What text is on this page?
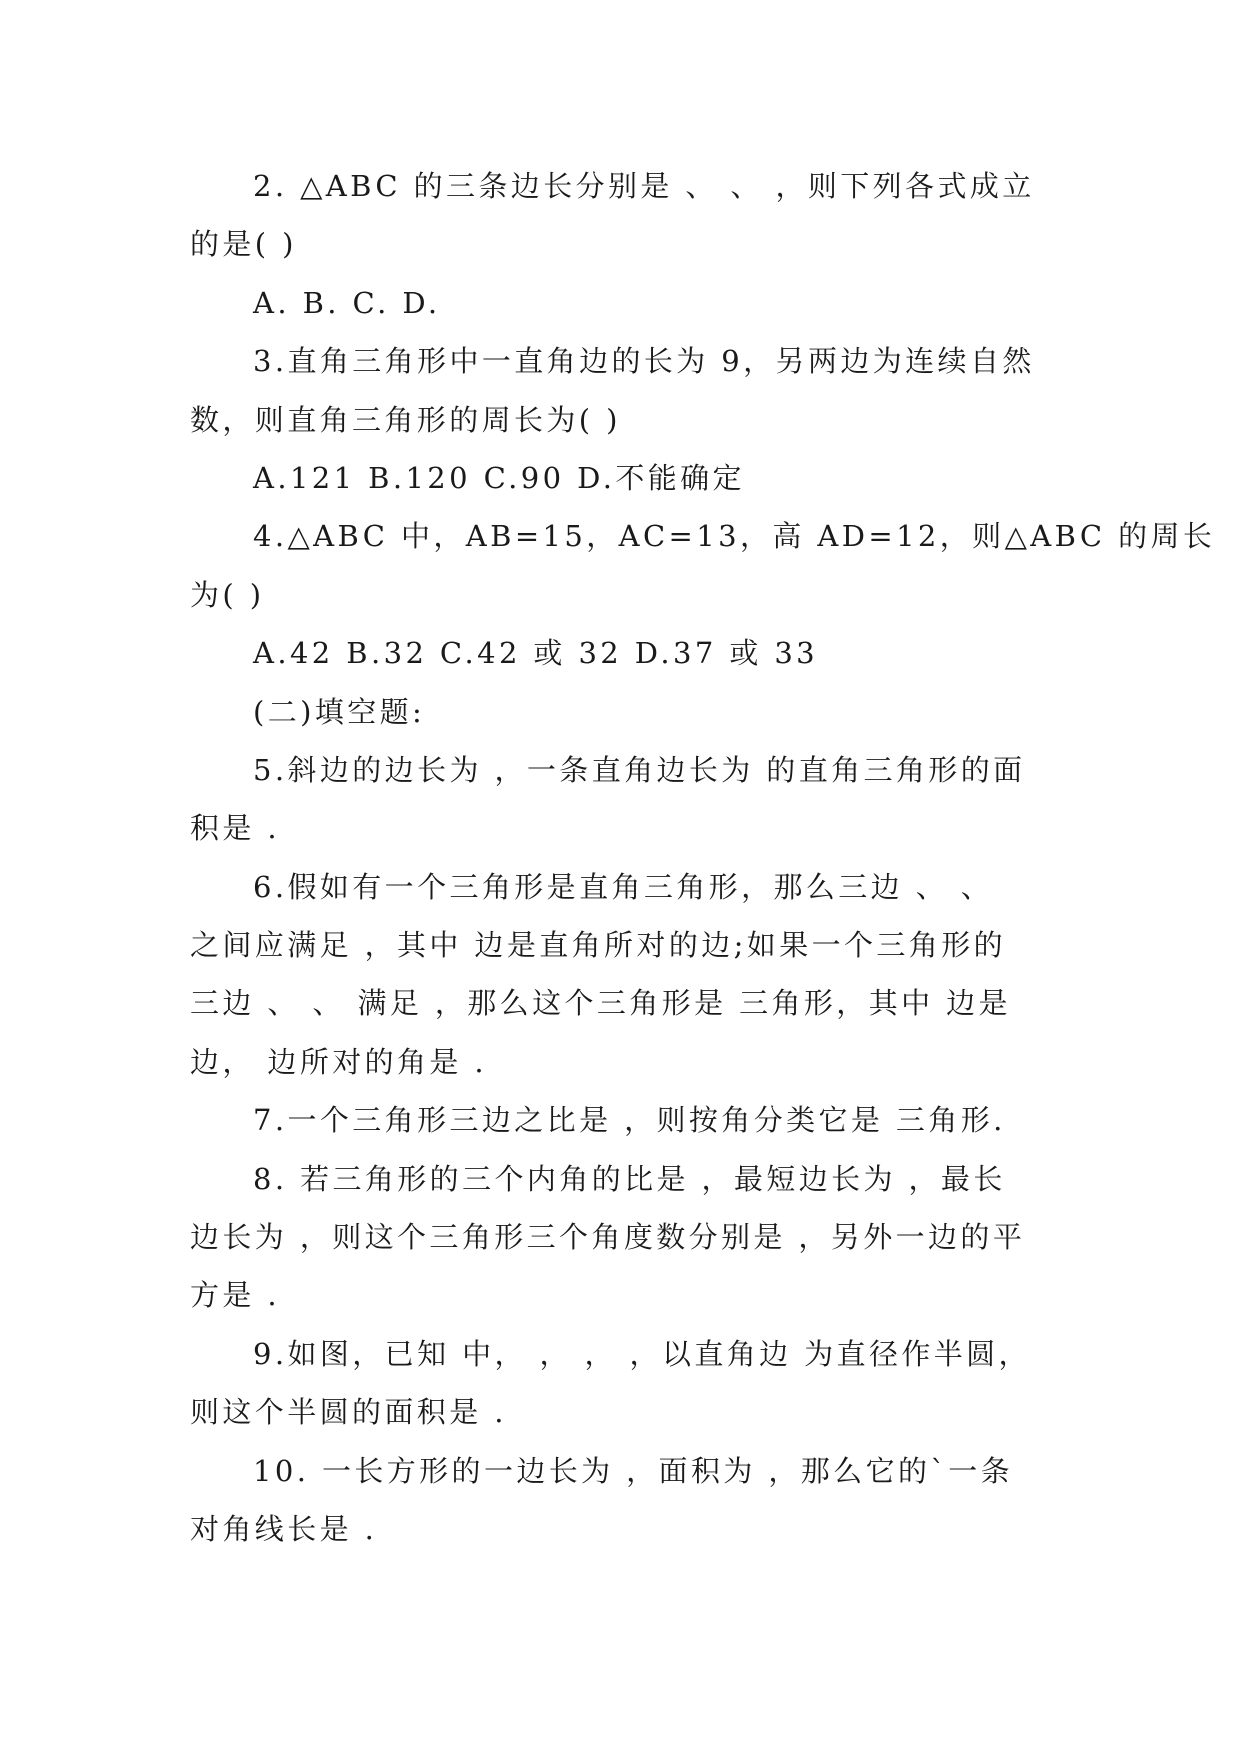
2. △ABC 的三条边长分别是 、 、 ，则下列各式成立
的是( )
A. B. C. D.
3.直角三角形中一直角边的长为 9，另两边为连续自然
数，则直角三角形的周长为( )
A.121 B.120 C.90 D.不能确定
4.△ABC 中，AB=15，AC=13，高 AD=12，则△ABC 的周长
为( )
A.42 B.32 C.42 或 32 D.37 或 33
(二)填空题:
5.斜边的边长为 ，一条直角边长为 的直角三角形的面
积是 .
6.假如有一个三角形是直角三角形，那么三边 、 、
之间应满足 ，其中 边是直角所对的边;如果一个三角形的
三边 、 、 满足 ，那么这个三角形是 三角形，其中 边是
边， 边所对的角是 .
7.一个三角形三边之比是 ，则按角分类它是 三角形.
8. 若三角形的三个内角的比是 ，最短边长为 ，最长
边长为 ，则这个三角形三个角度数分别是 ，另外一边的平
方是 .
9.如图，已知 中， ， ， ，以直角边 为直径作半圆，
则这个半圆的面积是 .
10. 一长方形的一边长为 ，面积为 ，那么它的`一条
对角线长是 .
